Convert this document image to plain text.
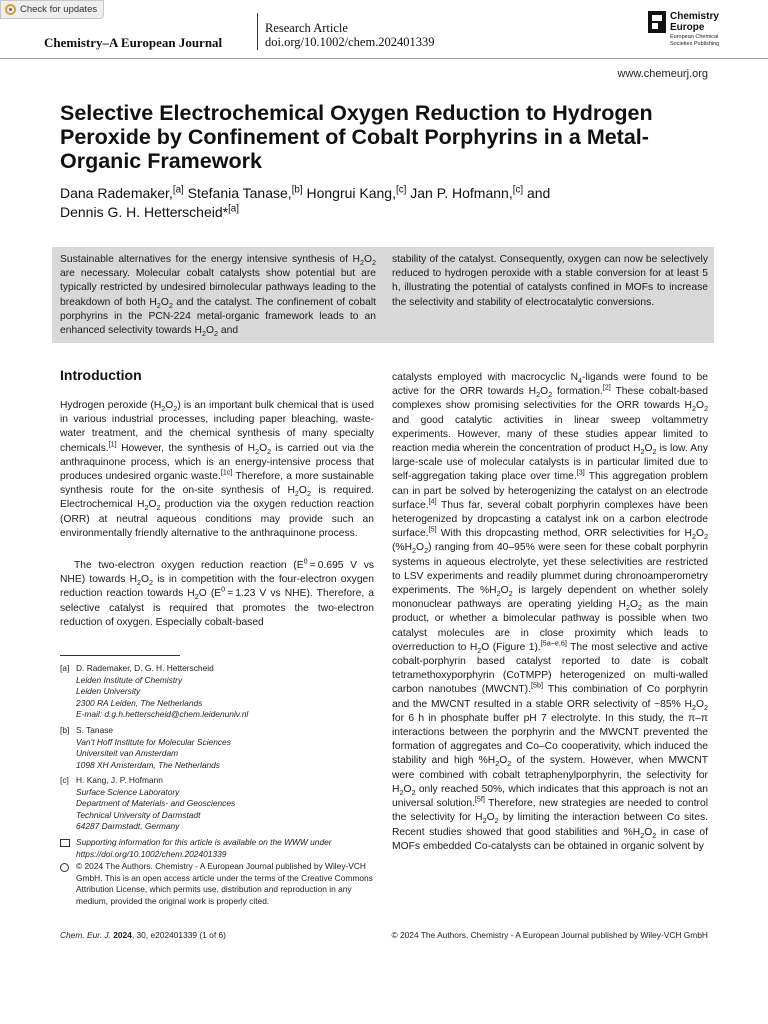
Check for updates
Chemistry–A European Journal
Research Article
doi.org/10.1002/chem.202401339
Chemistry
Europe
European Chemical Societies Publishing
www.chemeurj.org
Selective Electrochemical Oxygen Reduction to Hydrogen Peroxide by Confinement of Cobalt Porphyrins in a Metal-Organic Framework
Dana Rademaker,[a] Stefania Tanase,[b] Hongrui Kang,[c] Jan P. Hofmann,[c] and
Dennis G. H. Hetterscheid*[a]
Sustainable alternatives for the energy intensive synthesis of $H_2O_2$ are necessary. Molecular cobalt catalysts show potential but are typically restricted by undesired bimolecular pathways leading to the breakdown of both $H_2O_2$ and the catalyst. The confinement of cobalt porphyrins in the PCN-224 metal-organic framework leads to an enhanced selectivity towards $H_2O_2$ and
stability of the catalyst. Consequently, oxygen can now be selectively reduced to hydrogen peroxide with a stable conversion for at least 5 h, illustrating the potential of catalysts confined in MOFs to increase the selectivity and stability of electrocatalytic conversions.
Introduction

Hydrogen peroxide $(H_2O_2)$ is an important bulk chemical that is used in various industrial processes, including paper bleaching, waste-water treatment, and the chemical synthesis of many specialty chemicals.[1] However, the synthesis of $H_2O_2$ is carried out via the anthraquinone process, which is an energy-intensive process that produces undesired organic waste.[1c] Therefore, a more sustainable synthesis route for the on-site synthesis of $H_2O_2$ is required. Electrochemical $H_2O_2$ production via the oxygen reduction reaction (ORR) at neutral aqueous conditions may provide such an environmentally friendly alternative to the anthraquinone process.

The two-electron oxygen reduction reaction ($E^0 = 0.695$ V vs NHE) towards $H_2O_2$ is in competition with the four-electron oxygen reduction reaction towards $H_2O$ ($E^0 = 1.23$ V vs NHE). Therefore, a selective catalyst is required that promotes the two-electron reduction of oxygen. Especially cobalt-based

catalysts employed with macrocyclic $N_4$-ligands were found to be active for the ORR towards $H_2O_2$ formation.[2] These cobalt-based complexes show promising selectivities for the ORR towards $H_2O_2$ and good catalytic activities in linear sweep voltammetry experiments. However, many of these studies appear limited to reaction media wherein the concentration of product $H_2O_2$ is low. Any large-scale use of molecular catalysts is in particular limited due to self-aggregation taking place over time.[3] This aggregation problem can in part be solved by heterogenizing the catalyst on an electrode surface.[4] Thus far, several cobalt porphyrin complexes have been heterogenized by dropcasting a catalyst ink on a carbon electrode surface.[5] With this dropcasting method, ORR selectivities for $H_2O_2$ $(\%H_2O_2)$ ranging from 40–95% were seen for these cobalt porphyrin systems in aqueous electrolyte, yet these selectivities are restricted to LSV experiments and readily plummet during chronoamperometry experiments. The $\%H_2O_2$ is largely dependent on whether solely mononuclear pathways are operating yielding $H_2O_2$ as the main product, or whether a bimolecular pathway is possible when two catalyst molecules are in close proximity which leads to overreduction to $H_2O$ (Figure 1).[5a–e,6] The most selective and active cobalt-porphyrin based catalyst reported to date is cobalt tetramethoxyporphyrin (CoTMPP) heterogenized on multi-walled carbon nanotubes (MWCNT).[5b] This combination of Co porphyrin and the MWCNT resulted in a stable ORR selectivity of ~85% $H_2O_2$ for 6 h in phosphate buffer pH 7 electrolyte. In this study, the π–π interactions between the porphyrin and the MWCNT prevented the formation of aggregates and Co–Co cooperativity, which induced the stability and high $\%H_2O_2$ of the system. However, when MWCNT were combined with cobalt tetraphenylporphyrin, the selectivity for $H_2O_2$ only reached 50%, which indicates that this approach is not an universal solution.[5f] Therefore, new strategies are needed to control the selectivity for $H_2O_2$ by limiting the interaction between Co sites. Recent studies showed that good stabilities and $\%H_2O_2$ in case of MOFs embedded Co-catalysts can be obtained in organic solvent by

[a] D. Rademaker, D. G. H. Hetterscheid
Leiden Institute of Chemistry
Leiden University
2300 RA Leiden, The Netherlands
E-mail: d.g.h.hetterscheid@chem.leidenuniv.nl
[b] S. Tanase
Van't Hoff Institute for Molecular Sciences
Universiteit van Amsterdam
1098 XH Amsterdam, The Netherlands
[c] H. Kang, J. P. Hofmann
Surface Science Laboratory
Department of Materials- and Geosciences
Technical University of Darmstadt
64287 Darmstadt, Germany
Supporting information for this article is available on the WWW under https://doi.org/10.1002/chem.202401339
© 2024 The Authors. Chemistry - A European Journal published by Wiley-VCH GmbH. This is an open access article under the terms of the Creative Commons Attribution License, which permits use, distribution and reproduction in any medium, provided the original work is properly cited.
Chem. Eur. J. 2024, 30, e202401339 (1 of 6)	© 2024 The Authors. Chemistry - A European Journal published by Wiley-VCH GmbH
